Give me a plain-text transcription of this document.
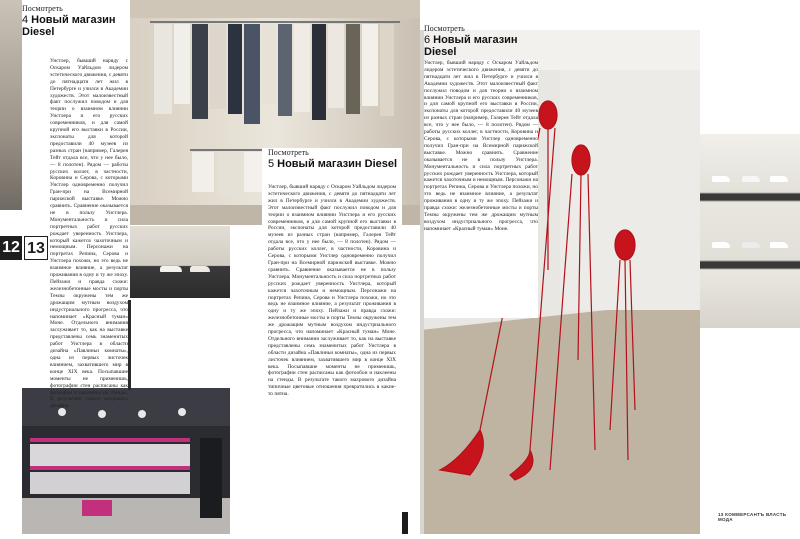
12 13
Посмотреть
4 Новый магазин Diesel
Уистлер, бывший наряду с Оскаром Уайльдом лидером эстетического движения, с девяти до пятнадцати лет жил в Петербурге и учился в Академии художеств. Этот малоизвестный факт послужил поводом и для теории о взаимном влиянии Уистлера и его русских современников, и для самой крупной его выставки в России, экспонаты для которой предоставили 40 музеев из разных стран (например, Галерея Тейт отдала все, что у нее было, — 8 полотен). Рядом — работы русских коллег, в частности, Коровина и Серова, с которыми Уистлер одновременно получил Гран-при на Всемирной парижской выставке. Можно сравнить. Сравнение оказывается не в пользу Уистлера. Монументальность и сила портретных работ русских рождает уверенность Уистлера, который кажется чахоточным и немощным. Персонажи на портретах Репина, Серова и Уистлера похожи, но это ведь не взаимное влияние, а результат проживания в одну и ту же эпоху. Пейзажи и правда схожи: железнобетонные мосты и порты Темзы окружены тем же дрожащим мутным воздухом индустриального прогресса, что напоминает «Красный туман» Моне. Отдельного внимания заслуживает то, как на выставке представлены семь знаменитых работ Уистлера в области дизайна «Павлиньи комнаты», одна из первых листочек влиянием, захватившего мир в конце XIX века. Посыпавшие моменты не применишь, фотографии стен расписаны как фотообои и наклеены на стенды. В результате такого махрового дизайна.
Посмотреть
5 Новый магазин Diesel
Уистлер, бывший наряду с Оскаром Уайльдом лидером эстетического движения, с девяти до пятнадцати лет жил в Петербурге и учился в Академии художеств. Этот малоизвестный факт послужил поводом и для теории о взаимном влиянии Уистлера и его русских современников, и для самой крупной его выставки в России, экспонаты для которой предоставили 40 музеев из разных стран (например, Галерея Тейт отдала все, что у нее было, — 8 полотен). Рядом — работы русских коллег, в частности, Коровина и Серова, с которыми Уистлер одновременно получил Гран-при на Всемирной парижской выставке. Можно сравнить. Сравнение оказывается не в пользу Уистлера. Монументальность и сила портретных работ русских рождает уверенность Уистлера, который кажется чахоточным и немощным. Персонажи на портретах Репина, Серова и Уистлера похожи, но это ведь не взаимное влияние, а результат проживания в одну и ту же эпоху. Пейзажи и правда схожи: железнобетонные мосты и порты Темзы окружены тем же дрожащим мутным воздухом индустриального прогресса, что напоминает «Красный туман» Моне. Отдельного внимания заслуживает то, как на выставке представлены семь знаменитых работ Уистлера в области дизайна «Павлиньи комнаты», одна из первых листочек влиянием, захватившего мир в конце XIX века. Посыпавшие моменты не применишь, фотографии стен расписаны как фотообои и наклеены на стенды. В результате такого махрового дизайна типичные цветовые отношения превратились в какие-то пятна.
Посмотреть
6 Новый магазин Diesel
Уистлер, бывший наряду с Оскаром Уайльдом лидером эстетического движения, с девяти до пятнадцати лет жил в Петербурге и учился в Академии художеств. Этот малоизвестный факт послужил поводом и для теории о взаимном влиянии Уистлера и его русских современников, и для самой крупной его выставки в России, экспонаты для которой предоставили 40 музеев из разных стран (например, Галерея Тейт отдала все, что у нее было, — 8 полотен). Рядом — работы русских коллег, в частности, Коровина и Серова, с которыми Уистлер одновременно получил Гран-при на Всемирной парижской выставке. Можно сравнить. Сравнение оказывается не в пользу Уистлера. Монументальность и сила портретных работ русских рождает уверенность Уистлера, который кажется чахоточным и немощным. Персонажи на портретах Репина, Серова и Уистлера похожи, но это ведь не взаимное влияние, а результат проживания в одну и ту же эпоху. Пейзажи и правда схожи: железнобетонные мосты и порты Темзы окружены тем же дрожащим мутным воздухом индустриального прогресса, что напоминает «Красный туман» Моне.
13 КОММЕРСАНТЪ ВЛАСТЬ МОДА
